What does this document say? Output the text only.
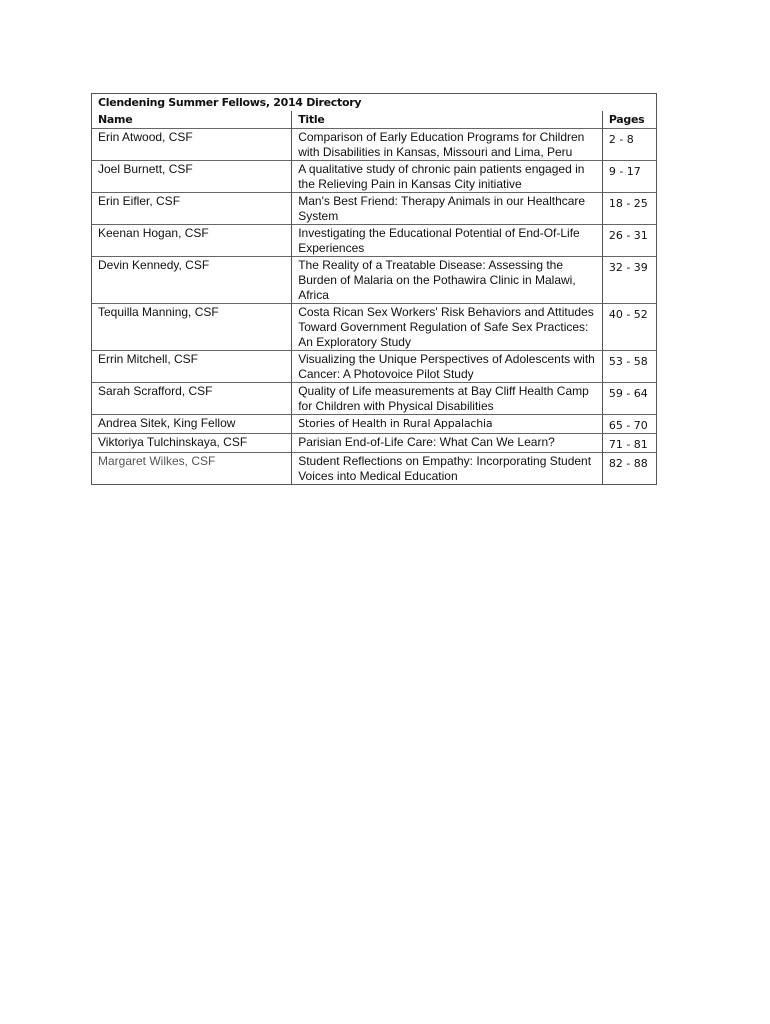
Clendening Summer Fellows, 2014 Directory		
Name	Title	Pages
Erin Atwood, CSF	Comparison of Early Education Programs for Children with Disabilities in Kansas, Missouri and Lima, Peru	2 - 8
Joel Burnett, CSF	A qualitative study of chronic pain patients engaged in the Relieving Pain in Kansas City initiative	9 - 17
Erin Eifler, CSF	Man's Best Friend: Therapy Animals in our Healthcare System	18 - 25
Keenan Hogan, CSF	Investigating the Educational Potential of End-Of-Life Experiences	26 - 31
Devin Kennedy, CSF	The Reality of a Treatable Disease: Assessing the Burden of Malaria on the Pothawira Clinic in Malawi, Africa	32 - 39
Tequilla Manning, CSF	Costa Rican Sex Workers' Risk Behaviors and Attitudes Toward Government Regulation of Safe Sex Practices: An Exploratory Study	40 - 52
Errin Mitchell, CSF	Visualizing the Unique Perspectives of Adolescents with Cancer: A Photovoice Pilot Study	53 - 58
Sarah Scrafford, CSF	Quality of Life measurements at Bay Cliff Health Camp for Children with Physical Disabilities	59 - 64
Andrea Sitek, King Fellow	Stories of Health in Rural Appalachia	65 - 70
Viktoriya Tulchinskaya, CSF	Parisian End-of-Life Care: What Can We Learn?	71 - 81
Margaret Wilkes, CSF	Student Reflections on Empathy: Incorporating Student Voices into Medical Education	82 - 88
